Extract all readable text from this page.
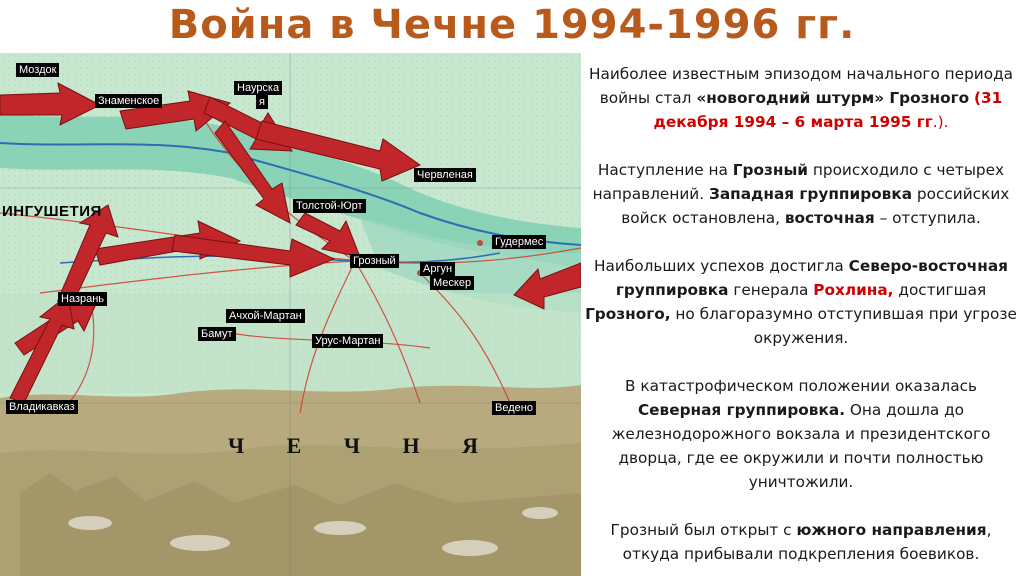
Война в Чечне 1994-1996 гг.
ИНГУШЕТИЯ
Ч Е Ч Н Я
Моздок
Знаменское
Наурска
я
Червленая
Толстой-Юрт
Грозный
Аргун
Мескер
Гудермес
Назрань
Ачхой-Мартан
Бамут
Урус-Мартан
Владикавказ	Ведено

Наиболее известным эпизодом начального периода войны стал «новогодний штурм» Грозного (31 декабря 1994 – 6 марта 1995 гг.).

Наступление на Грозный происходило с четырех направлений. Западная группировка российских войск остановлена, восточная – отступила.

Наибольших успехов достигла Северо-восточная группировка генерала Рохлина, достигшая Грозного, но благоразумно отступившая при угрозе окружения.

В катастрофическом положении оказалась Северная группировка. Она дошла до железнодорожного вокзала и президентского дворца, где ее окружили и почти полностью уничтожили.

Грозный был открыт с южного направления, откуда прибывали подкрепления боевиков.
